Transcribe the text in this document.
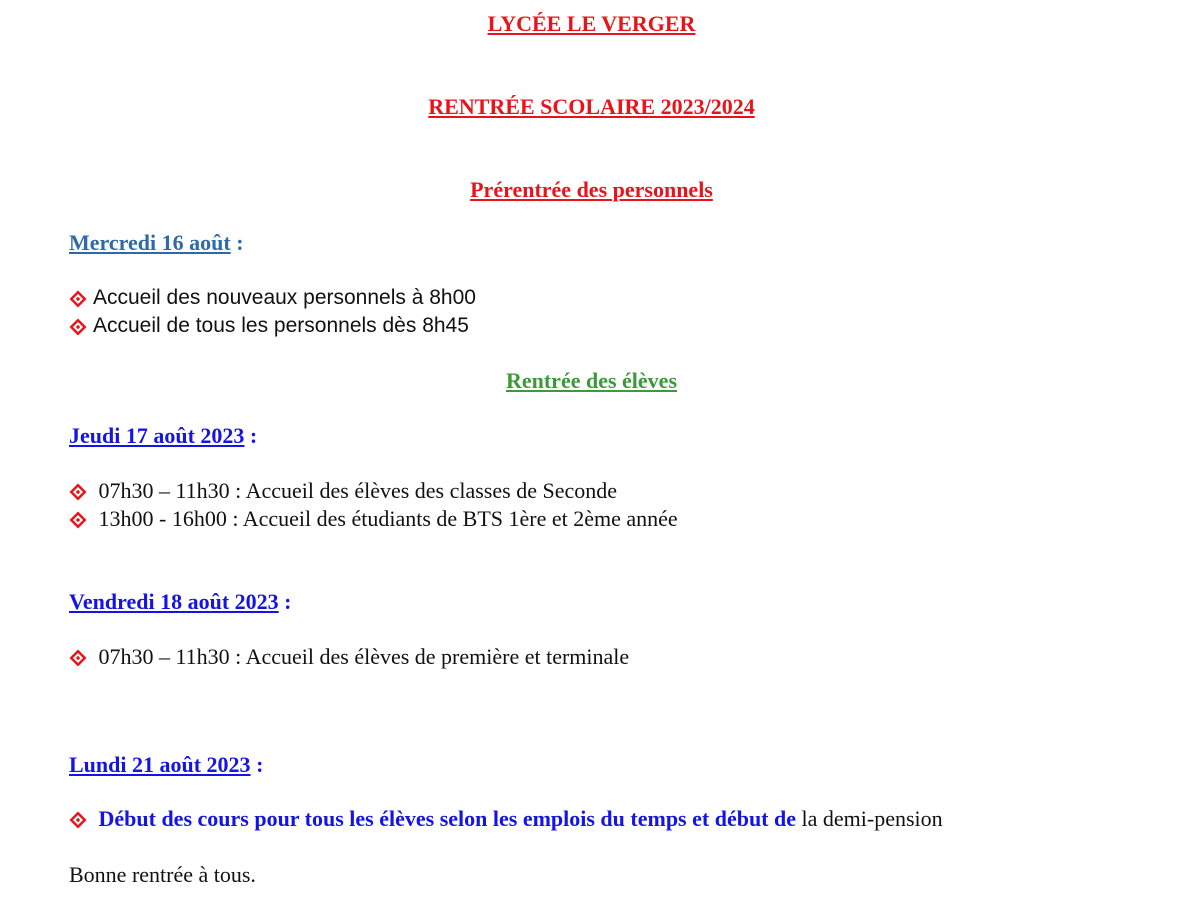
LYCÉE LE VERGER
RENTRÉE SCOLAIRE 2023/2024
Prérentrée des personnels
Mercredi 16 août :
Accueil des nouveaux personnels à 8h00
Accueil de tous les personnels dès 8h45
Rentrée des élèves
Jeudi 17 août 2023 :
07h30 – 11h30 : Accueil des élèves des classes de Seconde
13h00 - 16h00 : Accueil des étudiants de BTS 1ère et 2ème année
Vendredi 18 août 2023 :
07h30 – 11h30 : Accueil des élèves de première et terminale
Lundi 21 août 2023 :
Début des cours pour tous les élèves selon les emplois du temps et début de la demi-pension
Bonne rentrée à tous.
